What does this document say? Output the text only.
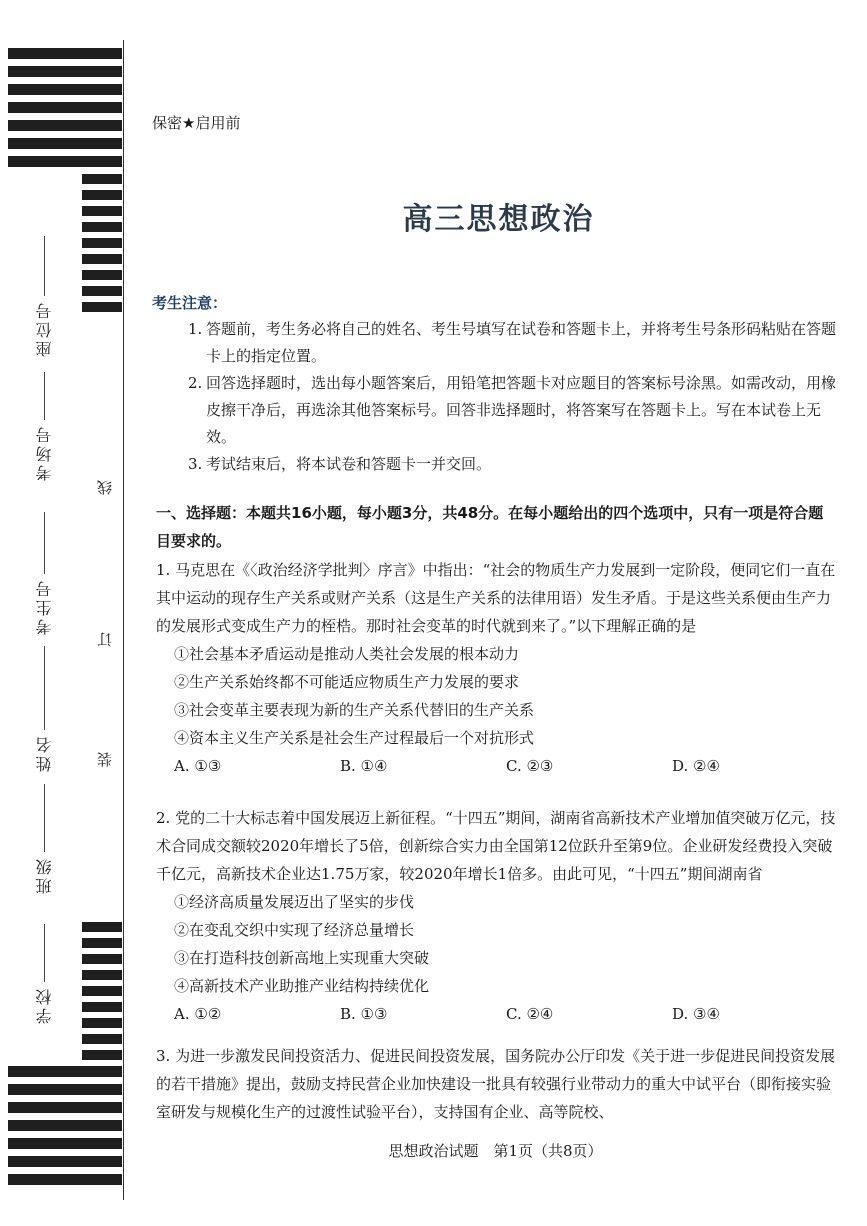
座位号
考场号
考生号
姓名
班级
学校
线
订
装
保密★启用前
高三思想政治
考生注意：
1. 答题前，考生务必将自己的姓名、考生号填写在试卷和答题卡上，并将考生号条形码粘贴在答题卡上的指定位置。
2. 回答选择题时，选出每小题答案后，用铅笔把答题卡对应题目的答案标号涂黑。如需改动，用橡皮擦干净后，再选涂其他答案标号。回答非选择题时，将答案写在答题卡上。写在本试卷上无效。
3. 考试结束后，将本试卷和答题卡一并交回。
一、选择题：本题共16小题，每小题3分，共48分。在每小题给出的四个选项中，只有一项是符合题目要求的。
1. 马克思在《〈政治经济学批判〉序言》中指出：“社会的物质生产力发展到一定阶段，便同它们一直在其中运动的现存生产关系或财产关系（这是生产关系的法律用语）发生矛盾。于是这些关系便由生产力的发展形式变成生产力的桎梏。那时社会变革的时代就到来了。”以下理解正确的是
①社会基本矛盾运动是推动人类社会发展的根本动力
②生产关系始终都不可能适应物质生产力发展的要求
③社会变革主要表现为新的生产关系代替旧的生产关系
④资本主义生产关系是社会生产过程最后一个对抗形式
A. ①③	B. ①④	C. ②③	D. ②④
2. 党的二十大标志着中国发展迈上新征程。“十四五”期间，湖南省高新技术产业增加值突破万亿元，技术合同成交额较2020年增长了5倍，创新综合实力由全国第12位跃升至第9位。企业研发经费投入突破千亿元，高新技术企业达1.75万家，较2020年增长1倍多。由此可见，“十四五”期间湖南省
①经济高质量发展迈出了坚实的步伐
②在变乱交织中实现了经济总量增长
③在打造科技创新高地上实现重大突破
④高新技术产业助推产业结构持续优化
A. ①②	B. ①③	C. ②④	D. ③④
3. 为进一步激发民间投资活力、促进民间投资发展，国务院办公厅印发《关于进一步促进民间投资发展的若干措施》提出，鼓励支持民营企业加快建设一批具有较强行业带动力的重大中试平台（即衔接实验室研发与规模化生产的过渡性试验平台），支持国有企业、高等院校、
思想政治试题　第1页（共8页）
